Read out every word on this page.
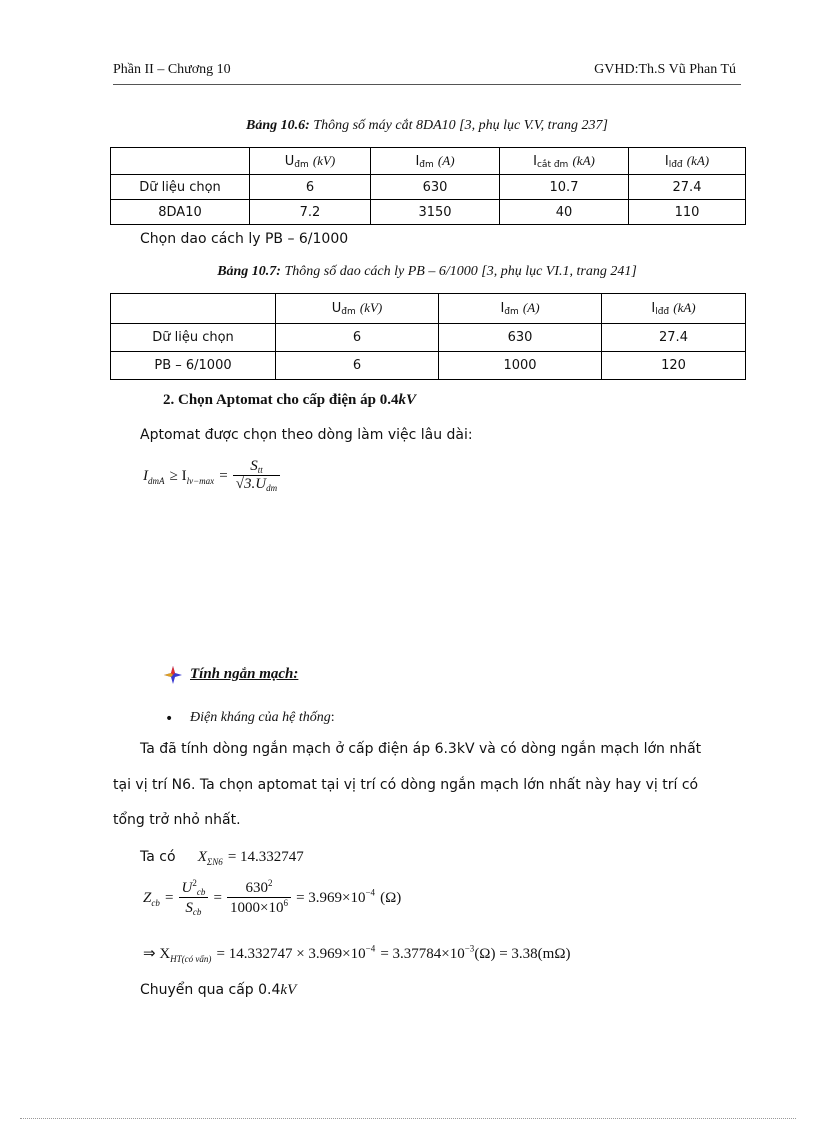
Phần II – Chương 10	GVHD:Th.S Vũ Phan Tú
Bảng 10.6: Thông số máy cắt 8DA10 [3, phụ lục V.V, trang 237]
	$U_{đm}$ (kV)	$I_{đm}$ (A)	$I_{cắt đm}$ (kA)	$I_{lđđ}$ (kA)
Dữ liệu chọn	6	630	10.7	27.4
8DA10	7.2	3150	40	110
Chọn dao cách ly PB – 6/1000
Bảng 10.7: Thông số dao cách ly PB – 6/1000 [3, phụ lục VI.1, trang 241]
	$U_{đm}$ (kV)	$I_{đm}$ (A)	$I_{lđđ}$ (kA)
Dữ liệu chọn	6	630	27.4
PB – 6/1000	6	1000	120
2. Chọn Aptomat cho cấp điện áp 0.4kV
Aptomat được chọn theo dòng làm việc lâu dài:
$I_{dmA} \ge I_{lv-max} = \frac{S_{tt}}{√3.U_{dm}}$
Tính ngắn mạch:
• Điện kháng của hệ thống:
Ta đã tính dòng ngắn mạch ở cấp điện áp 6.3kV và có dòng ngắn mạch lớn nhất
tại vị trí N6. Ta chọn aptomat tại vị trí có dòng ngắn mạch lớn nhất này hay vị trí có
tổng trở nhỏ nhất.
Ta có $X_{\Sigma N6} = 14.332747$
$Z_{cb} = \frac{U^2_{cb}}{S_{cb}} = \frac{630^2}{1000\times 10^6} = 3.969\times 10^{-4}$ (Ω)
⇒ $X_{HT(có vấn)} = 14.332747 \times 3.969\times 10^{-4} = 3.37784\times 10^{-3}(\Omega) = 3.38(m\Omega)$
Chuyển qua cấp 0.4kV
